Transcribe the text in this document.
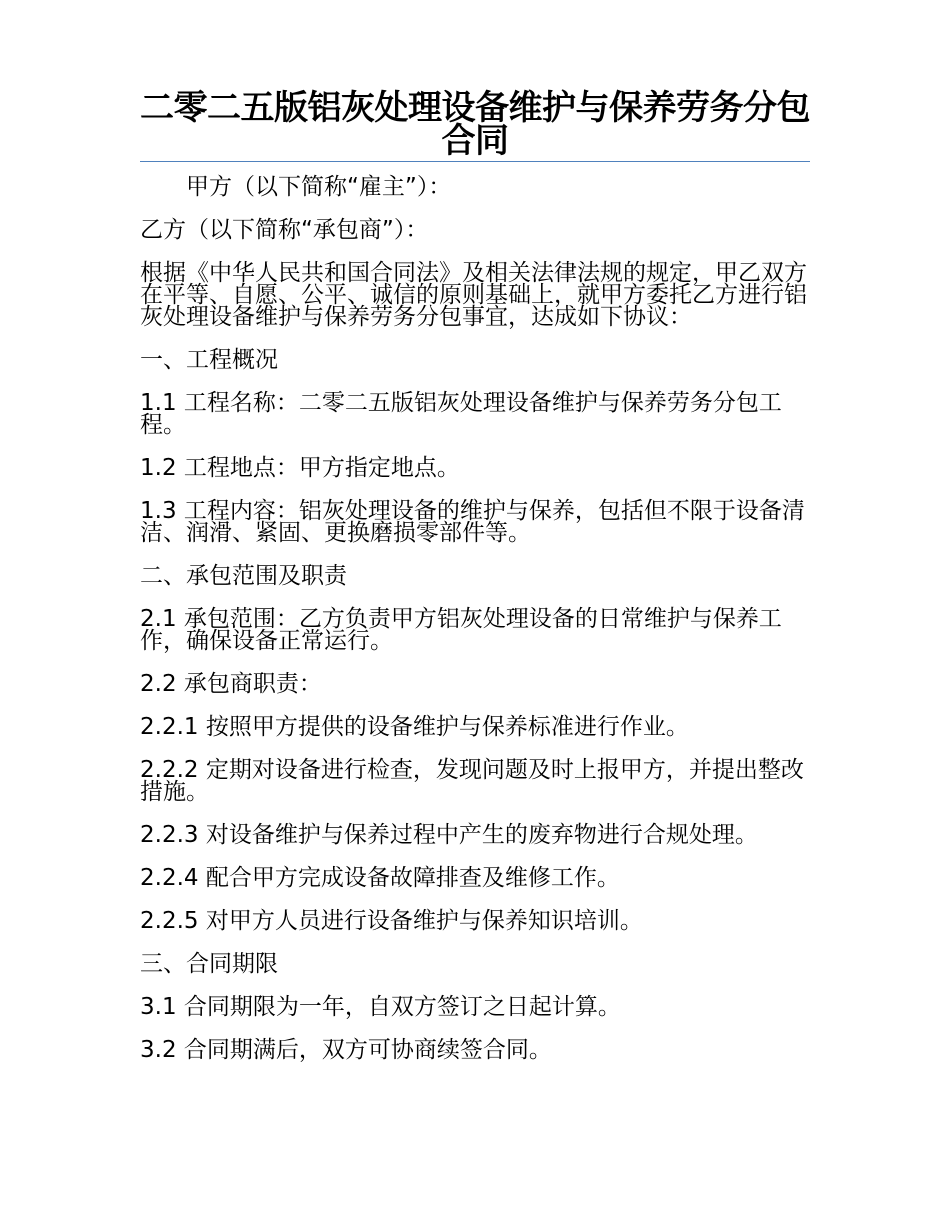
二零二五版铝灰处理设备维护与保养劳务分包合同

甲方（以下简称“雇主”）：

乙方（以下简称“承包商”）：

根据《中华人民共和国合同法》及相关法律法规的规定，甲乙双方在平等、自愿、公平、诚信的原则基础上，就甲方委托乙方进行铝灰处理设备维护与保养劳务分包事宜，达成如下协议：

一、工程概况

1.1 工程名称：二零二五版铝灰处理设备维护与保养劳务分包工程。

1.2 工程地点：甲方指定地点。

1.3 工程内容：铝灰处理设备的维护与保养，包括但不限于设备清洁、润滑、紧固、更换磨损零部件等。

二、承包范围及职责

2.1 承包范围：乙方负责甲方铝灰处理设备的日常维护与保养工作，确保设备正常运行。

2.2 承包商职责：

2.2.1 按照甲方提供的设备维护与保养标准进行作业。

2.2.2 定期对设备进行检查，发现问题及时上报甲方，并提出整改措施。

2.2.3 对设备维护与保养过程中产生的废弃物进行合规处理。

2.2.4 配合甲方完成设备故障排查及维修工作。

2.2.5 对甲方人员进行设备维护与保养知识培训。

三、合同期限

3.1 合同期限为一年，自双方签订之日起计算。

3.2 合同期满后，双方可协商续签合同。
